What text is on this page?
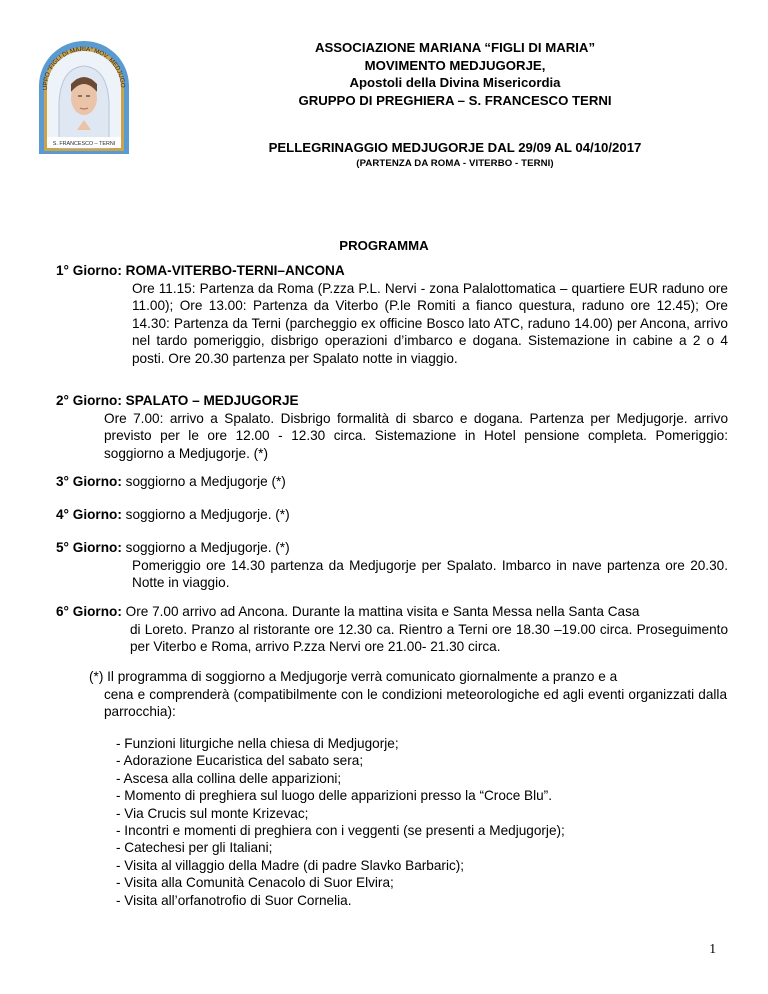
UPPO “FIGLI DI MARIA” MOV. MEDJUGO
S. FRANCESCO – TERNI
ASSOCIAZIONE MARIANA “FIGLI DI MARIA”
MOVIMENTO MEDJUGORJE,
Apostoli della Divina Misericordia
GRUPPO DI PREGHIERA – S. FRANCESCO TERNI
PELLEGRINAGGIO MEDJUGORJE DAL 29/09 AL 04/10/2017
(PARTENZA DA ROMA - VITERBO - TERNI)
PROGRAMMA
1° Giorno: ROMA-VITERBO-TERNI–ANCONA
Ore 11.15: Partenza da Roma (P.zza P.L. Nervi - zona Palalottomatica – quartiere EUR raduno ore 11.00); Ore 13.00: Partenza da Viterbo (P.le Romiti a fianco questura, raduno ore 12.45); Ore 14.30: Partenza da Terni (parcheggio ex officine Bosco lato ATC, raduno 14.00) per Ancona, arrivo nel tardo pomeriggio, disbrigo operazioni d’imbarco e dogana. Sistemazione in cabine a 2 o 4 posti. Ore 20.30 partenza per Spalato notte in viaggio.
2° Giorno: SPALATO – MEDJUGORJE
Ore 7.00: arrivo a Spalato. Disbrigo formalità di sbarco e dogana. Partenza per Medjugorje. arrivo previsto per le ore 12.00 - 12.30 circa. Sistemazione in Hotel pensione completa. Pomeriggio: soggiorno a Medjugorje. (*)
3° Giorno: soggiorno a Medjugorje (*)
4° Giorno: soggiorno a Medjugorje. (*)
5° Giorno: soggiorno a Medjugorje. (*)
Pomeriggio ore 14.30 partenza da Medjugorje per Spalato. Imbarco in nave partenza ore 20.30. Notte in viaggio.
6° Giorno: Ore 7.00 arrivo ad Ancona. Durante la mattina visita e Santa Messa nella Santa Casa
di Loreto. Pranzo al ristorante ore 12.30 ca. Rientro a Terni ore 18.30 –19.00 circa. Proseguimento per Viterbo e Roma, arrivo P.zza Nervi ore 21.00- 21.30 circa.
(*) Il programma di soggiorno a Medjugorje verrà comunicato giornalmente a pranzo e a
cena e comprenderà (compatibilmente con le condizioni meteorologiche ed agli eventi organizzati dalla parrocchia):
- Funzioni liturgiche nella chiesa di Medjugorje;
- Adorazione Eucaristica del sabato sera;
- Ascesa alla collina delle apparizioni;
- Momento di preghiera sul luogo delle apparizioni presso la “Croce Blu”.
- Via Crucis sul monte Krizevac;
- Incontri e momenti di preghiera con i veggenti (se presenti a Medjugorje);
- Catechesi per gli Italiani;
- Visita al villaggio della Madre (di padre Slavko Barbaric);
- Visita alla Comunità Cenacolo di Suor Elvira;
- Visita all’orfanotrofio di Suor Cornelia.
1
